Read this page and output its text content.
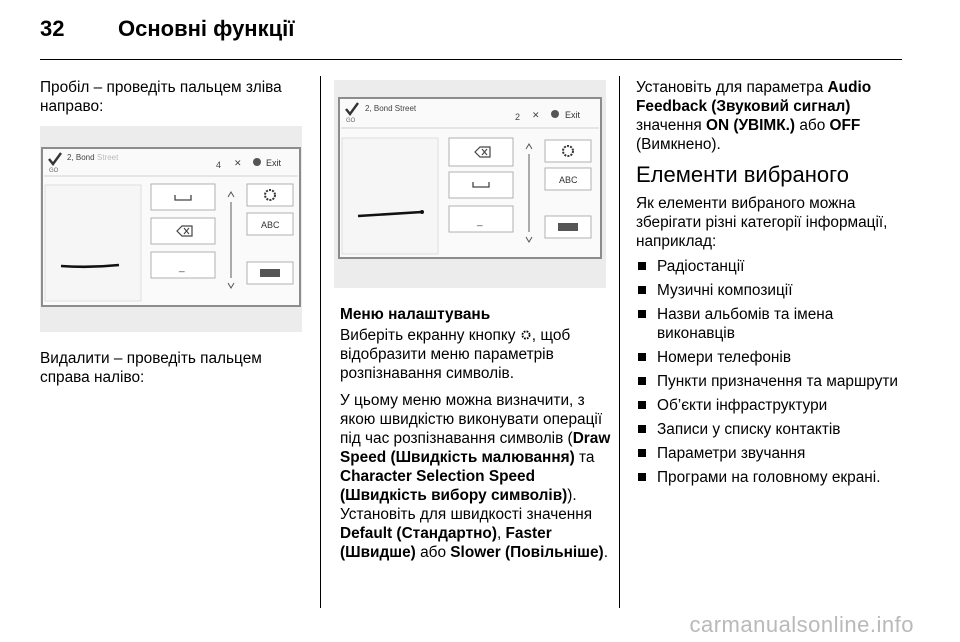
32 Основні функції

Пробіл – проведіть пальцем зліва направо:

2, Bond Street
GO
4 ✕	Exit
_
ABC

Видалити – проведіть пальцем справа наліво:

2, Bond Street
GO	2 ✕	Exit
_
ABC

Меню налаштувань

Виберіть екранну кнопку , щоб відобразити меню параметрів розпізнавання символів.

У цьому меню можна визначити, з якою швидкістю виконувати операції під час розпізнавання символів (Draw Speed (Швидкість малювання) та Character Selection Speed (Швидкість вибору символів)). Установіть для швидкості значення Default (Стандартно), Faster (Швидше) або Slower (Повільніше).

Установіть для параметра Audio Feedback (Звуковий сигнал) значення ON (УВІМК.) або OFF (Вимкнено).

Елементи вибраного

Як елементи вибраного можна зберігати різні категорії інформації, наприклад:

Радіостанції
Музичні композиції
Назви альбомів та імена виконавців
Номери телефонів
Пункти призначення та маршрути
Об’єкти інфраструктури
Записи у списку контактів
Параметри звучання
Програми на головному екрані.
carmanualsonline.info
